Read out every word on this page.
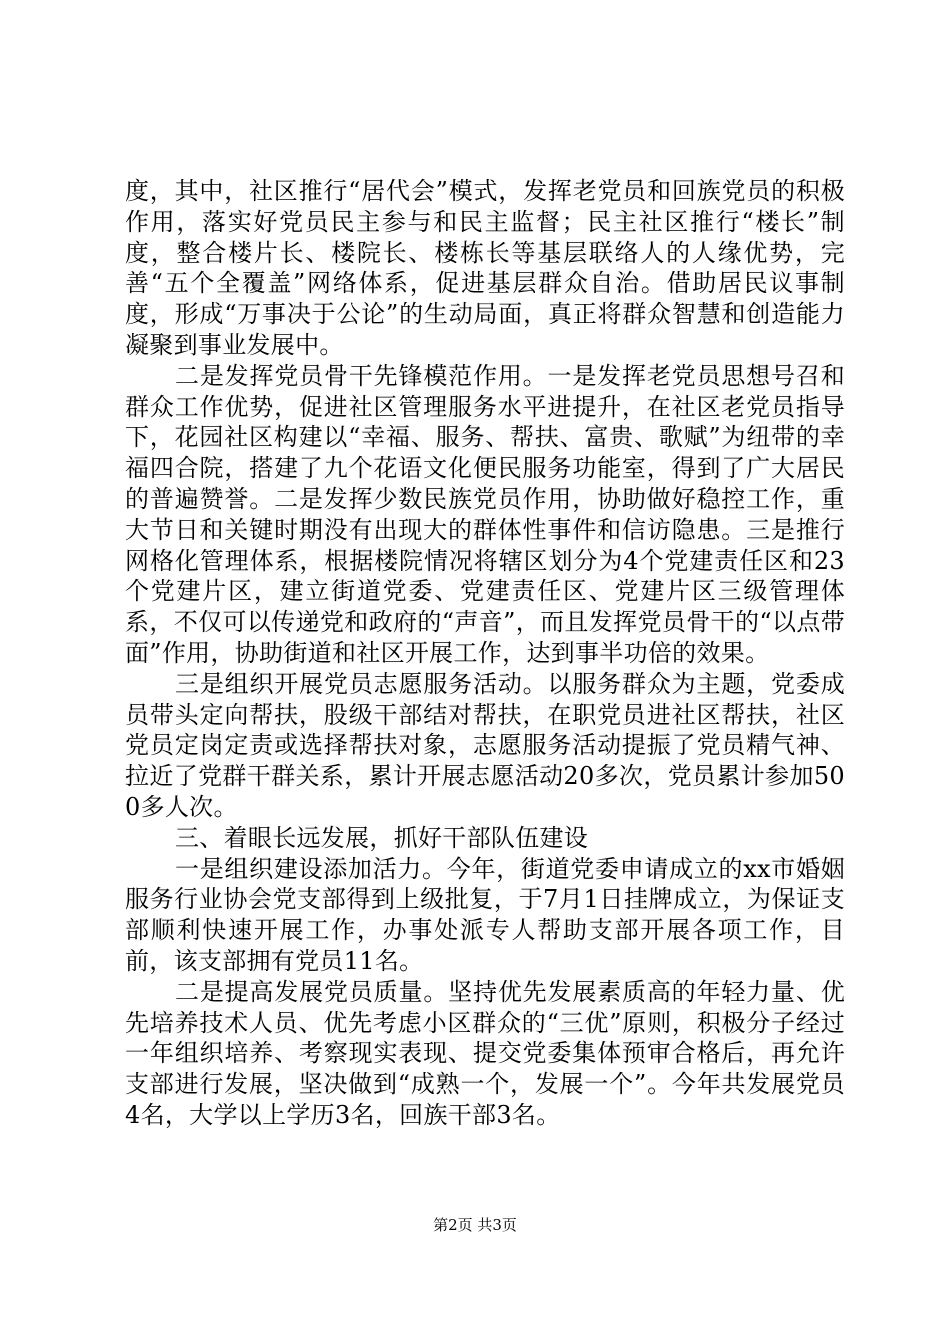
度，其中，社区推行“居代会”模式，发挥老党员和回族党员的积极作用，落实好党员民主参与和民主监督；民主社区推行“楼长”制度，整合楼片长、楼院长、楼栋长等基层联络人的人缘优势，完善“五个全覆盖”网络体系，促进基层群众自治。借助居民议事制度，形成“万事决于公论”的生动局面，真正将群众智慧和创造能力凝聚到事业发展中。

二是发挥党员骨干先锋模范作用。一是发挥老党员思想号召和群众工作优势，促进社区管理服务水平进提升，在社区老党员指导下，花园社区构建以“幸福、服务、帮扶、富贵、歌赋”为纽带的幸福四合院，搭建了九个花语文化便民服务功能室，得到了广大居民的普遍赞誉。二是发挥少数民族党员作用，协助做好稳控工作，重大节日和关键时期没有出现大的群体性事件和信访隐患。三是推行网格化管理体系，根据楼院情况将辖区划分为4个党建责任区和23个党建片区，建立街道党委、党建责任区、党建片区三级管理体系，不仅可以传递党和政府的“声音”，而且发挥党员骨干的“以点带面”作用，协助街道和社区开展工作，达到事半功倍的效果。

三是组织开展党员志愿服务活动。以服务群众为主题，党委成员带头定向帮扶，股级干部结对帮扶，在职党员进社区帮扶，社区党员定岗定责或选择帮扶对象，志愿服务活动提振了党员精气神、拉近了党群干群关系，累计开展志愿活动20多次，党员累计参加500多人次。

三、着眼长远发展，抓好干部队伍建设

一是组织建设添加活力。今年，街道党委申请成立的xx市婚姻服务行业协会党支部得到上级批复，于7月1日挂牌成立，为保证支部顺利快速开展工作，办事处派专人帮助支部开展各项工作，目前，该支部拥有党员11名。

二是提高发展党员质量。坚持优先发展素质高的年轻力量、优先培养技术人员、优先考虑小区群众的“三优”原则，积极分子经过一年组织培养、考察现实表现、提交党委集体预审合格后，再允许支部进行发展，坚决做到“成熟一个，发展一个”。今年共发展党员4名，大学以上学历3名，回族干部3名。

第2页 共3页
